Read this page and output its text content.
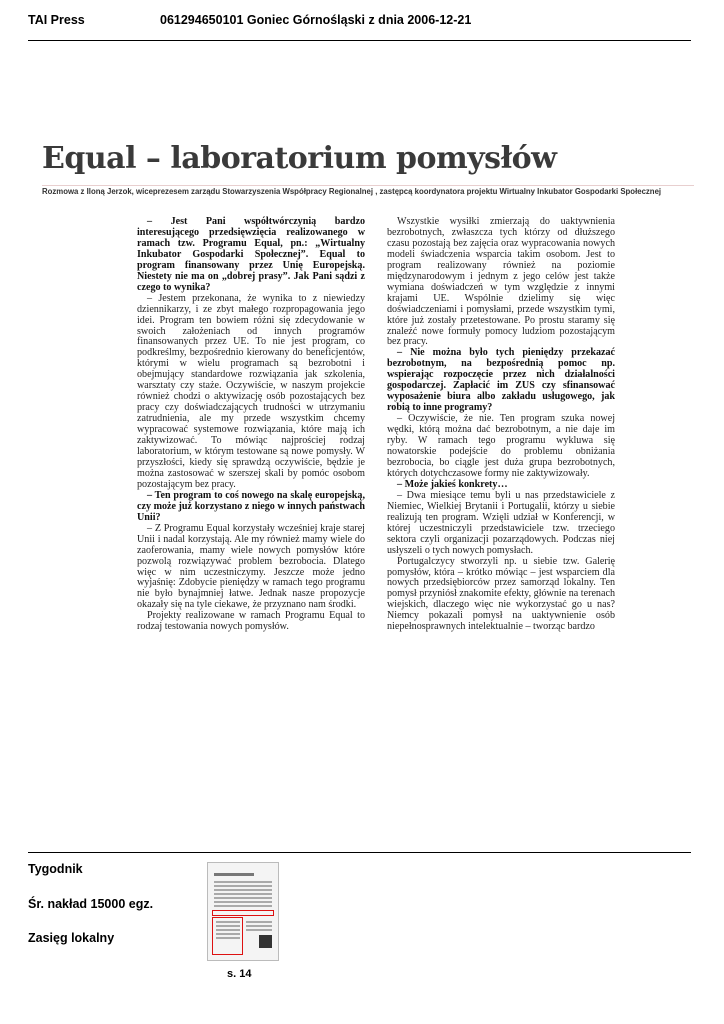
TAI Press	061294650101 Goniec Górnośląski z dnia 2006-12-21
Equal – laboratorium pomysłów
Rozmowa z Iloną Jerzok, wiceprezesem zarządu Stowarzyszenia Współpracy Regionalnej , zastępcą koordynatora projektu Wirtualny Inkubator Gospodarki Społecznej

– Jest Pani współtwórczynią bardzo interesującego przedsięwzięcia realizowanego w ramach tzw. Programu Equal, pn.: „Wirtualny Inkubator Gospodarki Społecznej”. Equal to program finansowany przez Unię Europejską. Niestety nie ma on „dobrej prasy”. Jak Pani sądzi z czego to wynika?

– Jestem przekonana, że wynika to z niewiedzy dziennikarzy, i ze zbyt małego rozpropagowania jego idei. Program ten bowiem różni się zdecydowanie w swoich założeniach od innych programów finansowanych przez UE. To nie jest program, co podkreślmy, bezpośrednio kierowany do beneficjentów, którymi w wielu programach są bezrobotni i obejmujący standardowe rozwiązania jak szkolenia, warsztaty czy staże. Oczywiście, w naszym projekcie również chodzi o aktywizację osób pozostających bez pracy czy doświadczających trudności w utrzymaniu zatrudnienia, ale my przede wszystkim chcemy wypracować systemowe rozwiązania, które mają ich zaktywizować. To mówiąc najprościej rodzaj laboratorium, w którym testowane są nowe pomysły. W przyszłości, kiedy się sprawdzą oczywiście, będzie je można zastosować w szerszej skali by pomóc osobom pozostającym bez pracy.

– Ten program to coś nowego na skalę europejską, czy może już korzystano z niego w innych państwach Unii?

– Z Programu Equal korzystały wcześniej kraje starej Unii i nadal korzystają. Ale my również mamy wiele do zaoferowania, mamy wiele nowych pomysłów które pozwolą rozwiązywać problem bezrobocia. Dlatego więc w nim uczestniczymy. Jeszcze może jedno wyjaśnię: Zdobycie pieniędzy w ramach tego programu nie było bynajmniej łatwe. Jednak nasze propozycje okazały się na tyle ciekawe, że przyznano nam środki.

Projekty realizowane w ramach Programu Equal to rodzaj testowania nowych pomysłów.

Wszystkie wysiłki zmierzają do uaktywnienia bezrobotnych, zwłaszcza tych którzy od dłuższego czasu pozostają bez zajęcia oraz wypracowania nowych modeli świadczenia wsparcia takim osobom. Jest to program realizowany również na poziomie międzynarodowym i jednym z jego celów jest także wymiana doświadczeń w tym względzie z innymi krajami UE. Wspólnie dzielimy się więc doświadczeniami i pomysłami, przede wszystkim tymi, które już zostały przetestowane. Po prostu staramy się znaleźć nowe formuły pomocy ludziom pozostającym bez pracy.

– Nie można było tych pieniędzy przekazać bezrobotnym, na bezpośrednią pomoc np. wspierając rozpoczęcie przez nich działalności gospodarczej. Zapłacić im ZUS czy sfinansować wyposażenie biura albo zakładu usługowego, jak robią to inne programy?

– Oczywiście, że nie. Ten program szuka nowej wędki, którą można dać bezrobotnym, a nie daje im ryby. W ramach tego programu wykluwa się nowatorskie podejście do problemu obniżania bezrobocia, bo ciągle jest duża grupa bezrobotnych, których dotychczasowe formy nie zaktywizowały.

– Może jakieś konkrety…

– Dwa miesiące temu byli u nas przedstawiciele z Niemiec, Wielkiej Brytanii i Portugalii, którzy u siebie realizują ten program. Wzięli udział w Konferencji, w której uczestniczyli przedstawiciele tzw. trzeciego sektora czyli organizacji pozarządowych. Podczas niej usłyszeli o tych nowych pomysłach.

Portugalczycy stworzyli np. u siebie tzw. Galerię pomysłów, która – krótko mówiąc – jest wsparciem dla nowych przedsiębiorców przez samorząd lokalny. Ten pomysł przyniósł znakomite efekty, głównie na terenach wiejskich, dlaczego więc nie wykorzystać go u nas? Niemcy pokazali pomysł na uaktywnienie osób niepełnosprawnych intelektualnie – tworząc bardzo

Tygodnik
Śr. nakład 15000 egz.
Zasięg lokalny
s. 14
